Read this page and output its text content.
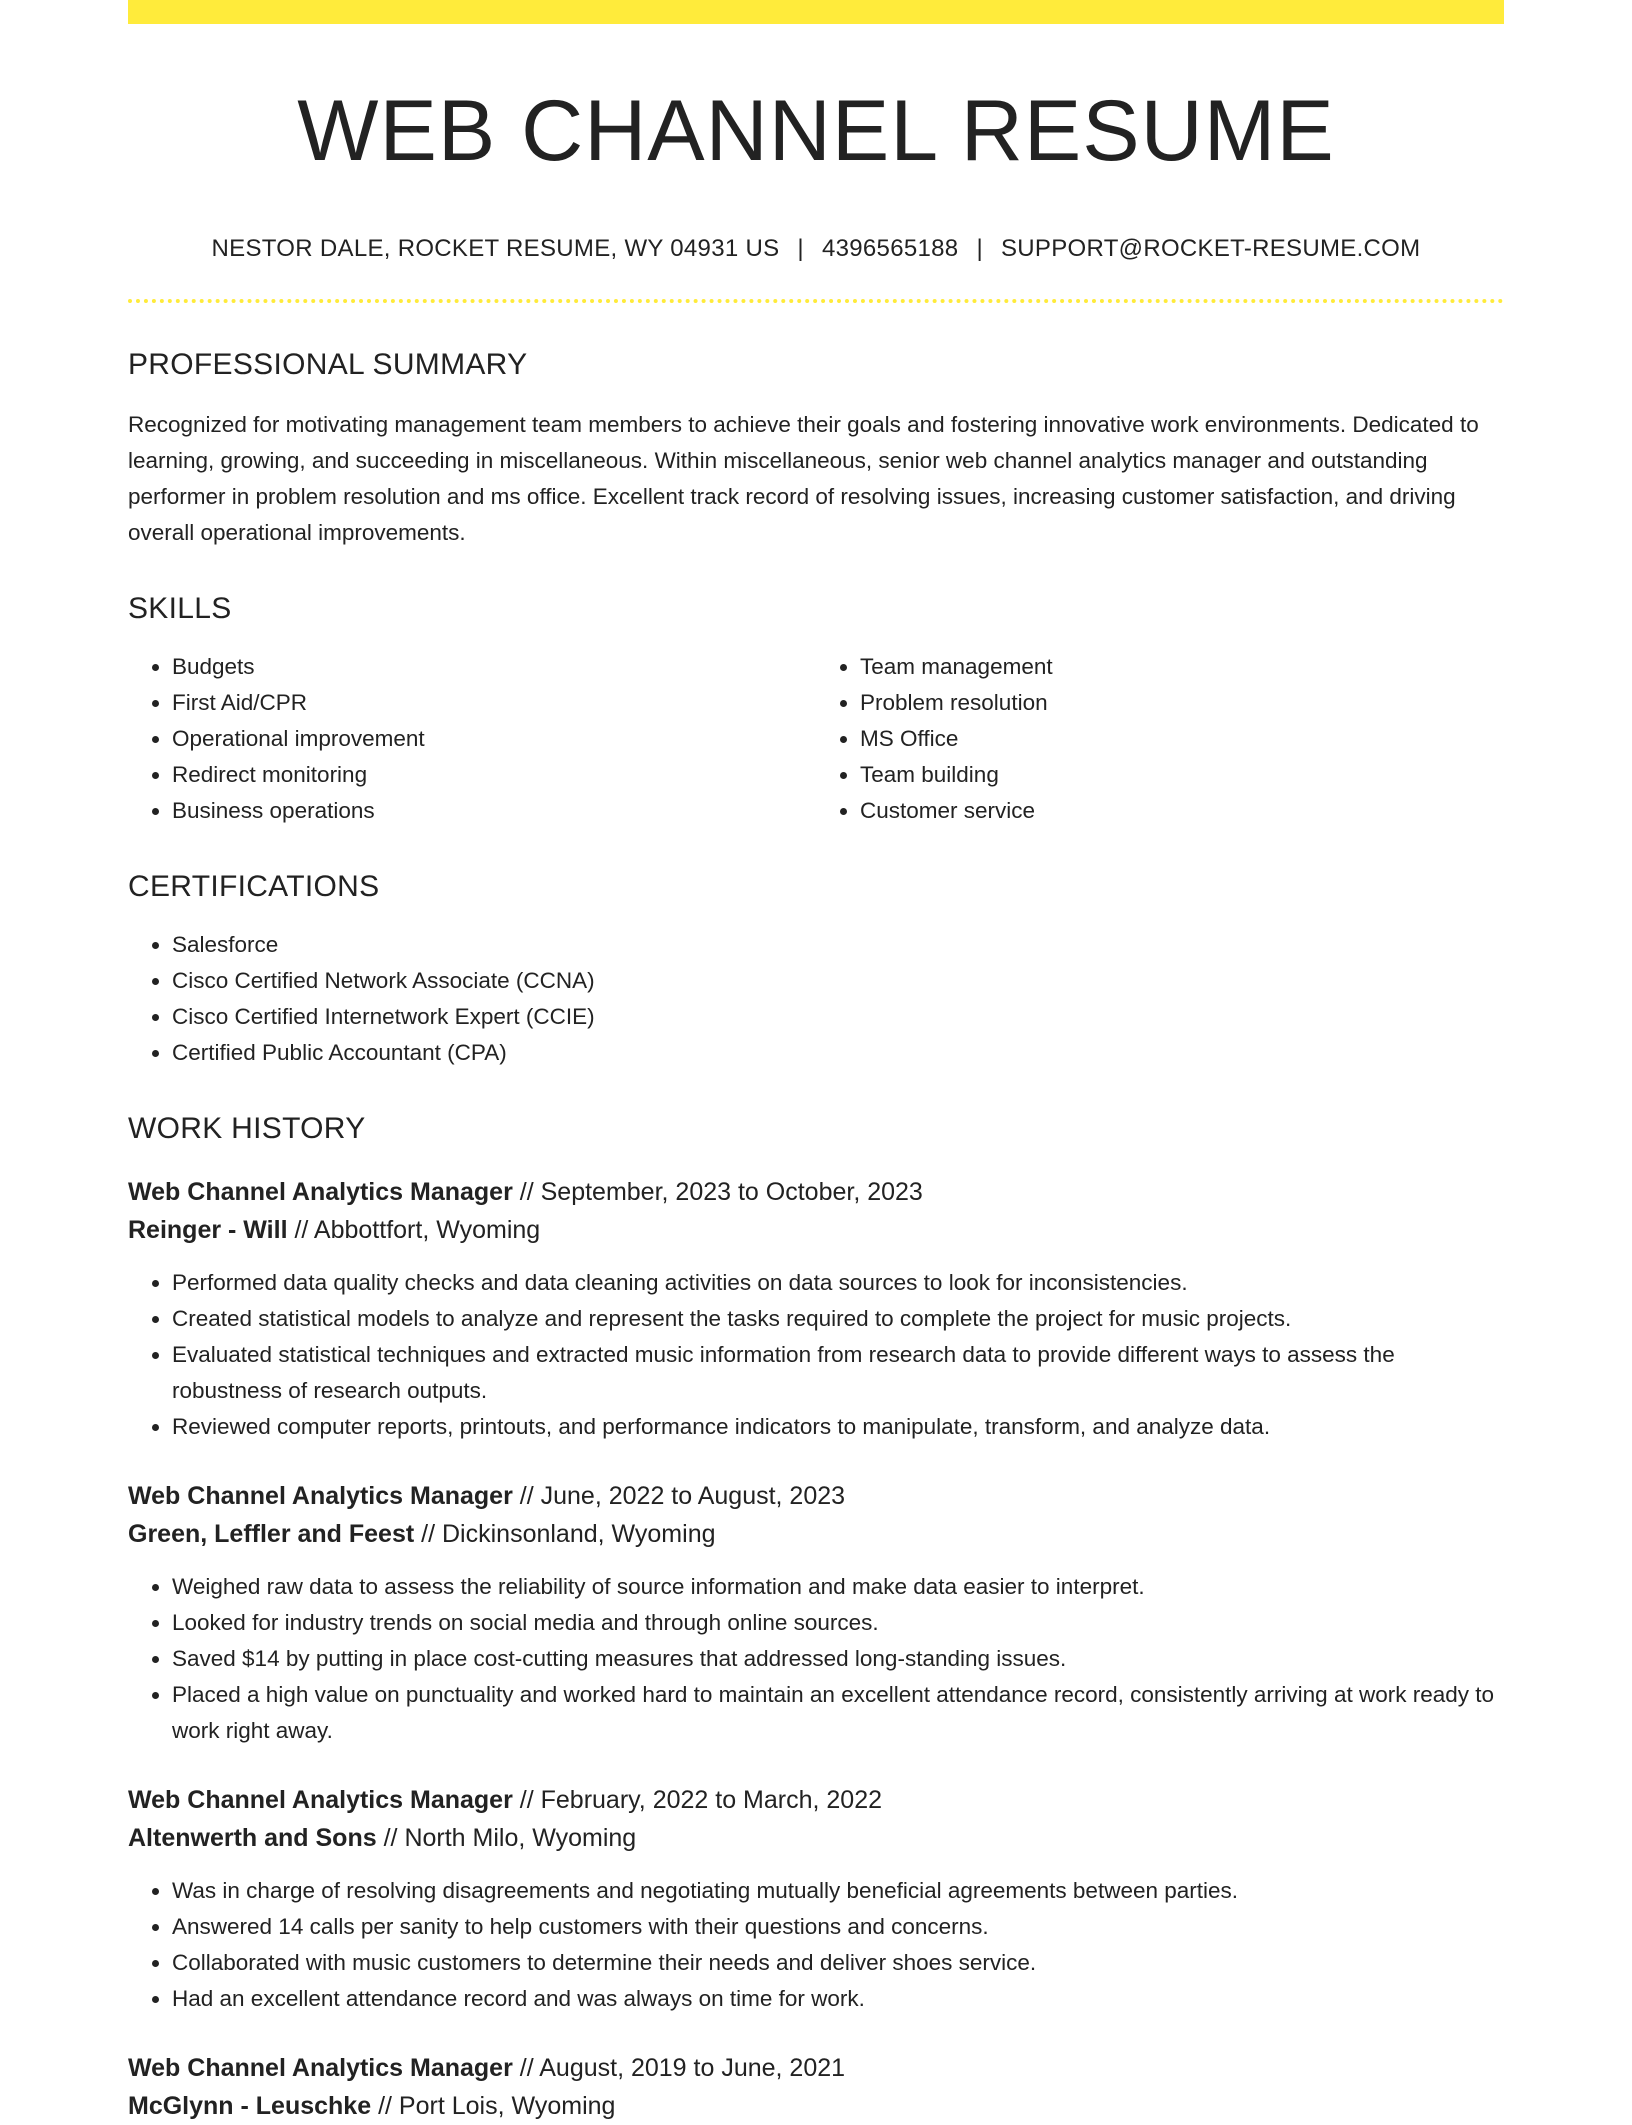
WEB CHANNEL RESUME
NESTOR DALE, ROCKET RESUME, WY 04931 US | 4396565188 | SUPPORT@ROCKET-RESUME.COM
PROFESSIONAL SUMMARY

Recognized for motivating management team members to achieve their goals and fostering innovative work environments. Dedicated to learning, growing, and succeeding in miscellaneous. Within miscellaneous, senior web channel analytics manager and outstanding performer in problem resolution and ms office. Excellent track record of resolving issues, increasing customer satisfaction, and driving overall operational improvements.

SKILLS
• Budgets
• First Aid/CPR
• Operational improvement
• Redirect monitoring
• Business operations
• Team management
• Problem resolution
• MS Office
• Team building
• Customer service
CERTIFICATIONS
• Salesforce
• Cisco Certified Network Associate (CCNA)
• Cisco Certified Internetwork Expert (CCIE)
• Certified Public Accountant (CPA)
WORK HISTORY
Web Channel Analytics Manager // September, 2023 to October, 2023
Reinger - Will // Abbottfort, Wyoming
• Performed data quality checks and data cleaning activities on data sources to look for inconsistencies.
• Created statistical models to analyze and represent the tasks required to complete the project for music projects.
• Evaluated statistical techniques and extracted music information from research data to provide different ways to assess the robustness of research outputs.
• Reviewed computer reports, printouts, and performance indicators to manipulate, transform, and analyze data.
Web Channel Analytics Manager // June, 2022 to August, 2023
Green, Leffler and Feest // Dickinsonland, Wyoming
• Weighed raw data to assess the reliability of source information and make data easier to interpret.
• Looked for industry trends on social media and through online sources.
• Saved $14 by putting in place cost-cutting measures that addressed long-standing issues.
• Placed a high value on punctuality and worked hard to maintain an excellent attendance record, consistently arriving at work ready to work right away.
Web Channel Analytics Manager // February, 2022 to March, 2022
Altenwerth and Sons // North Milo, Wyoming
• Was in charge of resolving disagreements and negotiating mutually beneficial agreements between parties.
• Answered 14 calls per sanity to help customers with their questions and concerns.
• Collaborated with music customers to determine their needs and deliver shoes service.
• Had an excellent attendance record and was always on time for work.
Web Channel Analytics Manager // August, 2019 to June, 2021
McGlynn - Leuschke // Port Lois, Wyoming
